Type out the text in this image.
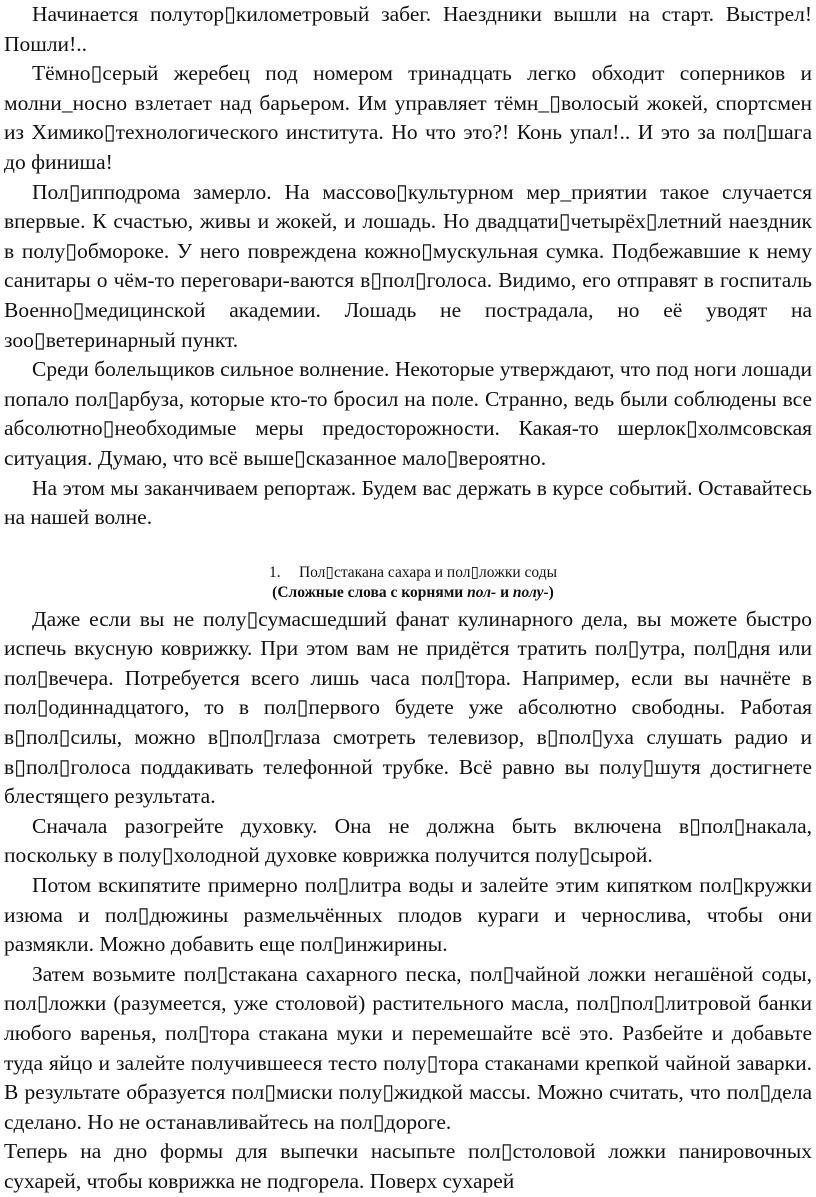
Начинается полутор▯километровый забег. Наездники вышли на старт. Выстрел! Пошли!..

Тёмно▯серый жеребец под номером тринадцать легко обходит соперников и молни_носно взлетает над барьером. Им управляет тёмн_▯волосый жокей, спортсмен из Химико▯технологического института. Но что это?! Конь упал!.. И это за пол▯шага до финиша!

Пол▯ипподрома замерло. На массово▯культурном мер_приятии такое случается впервые. К счастью, живы и жокей, и лошадь. Но двадцати▯четырёх▯летний наездник в полу▯обмороке. У него повреждена кожно▯мускульная сумка. Подбежавшие к нему санитары о чём-то переговари-ваются в▯пол▯голоса. Видимо, его отправят в госпиталь Военно▯медицинской академии. Лошадь не пострадала, но её уводят на зоо▯ветеринарный пункт.

Среди болельщиков сильное волнение. Некоторые утверждают, что под ноги лошади попало пол▯арбуза, которые кто-то бросил на поле. Странно, ведь были соблюдены все абсолютно▯необходимые меры предосторожности. Какая-то шерлок▯холмсовская ситуация. Думаю, что всё выше▯сказанное мало▯вероятно.

На этом мы заканчиваем репортаж. Будем вас держать в курсе событий. Оставайтесь на нашей волне.

1. Пол▯стакана сахара и пол▯ложки соды

(Сложные слова с корнями пол- и полу-)

Даже если вы не полу▯сумасшедший фанат кулинарного дела, вы можете быстро испечь вкусную коврижку. При этом вам не придётся тратить пол▯утра, пол▯дня или пол▯вечера. Потребуется всего лишь часа пол▯тора. Например, если вы начнёте в пол▯одиннадцатого, то в пол▯первого будете уже абсолютно свободны. Работая в▯пол▯силы, можно в▯пол▯глаза смотреть телевизор, в▯пол▯уха слушать радио и в▯пол▯голоса поддакивать телефонной трубке. Всё равно вы полу▯шутя достигнете блестящего результата.

Сначала разогрейте духовку. Она не должна быть включена в▯пол▯накала, поскольку в полу▯холодной духовке коврижка получится полу▯сырой.

Потом вскипятите примерно пол▯литра воды и залейте этим кипятком пол▯кружки изюма и пол▯дюжины размельчённых плодов кураги и чернослива, чтобы они размякли. Можно добавить еще пол▯инжирины.

Затем возьмите пол▯стакана сахарного песка, пол▯чайной ложки негашёной соды, пол▯ложки (разумеется, уже столовой) растительного масла, пол▯пол▯литровой банки любого варенья, пол▯тора стакана муки и перемешайте всё это. Разбейте и добавьте туда яйцо и залейте получившееся тесто полу▯тора стаканами крепкой чайной заварки. В результате образуется пол▯миски полу▯жидкой массы. Можно считать, что пол▯дела сделано. Но не останавливайтесь на пол▯дороге.

Теперь на дно формы для выпечки насыпьте пол▯столовой ложки панировочных сухарей, чтобы коврижка не подгорела. Поверх сухарей
